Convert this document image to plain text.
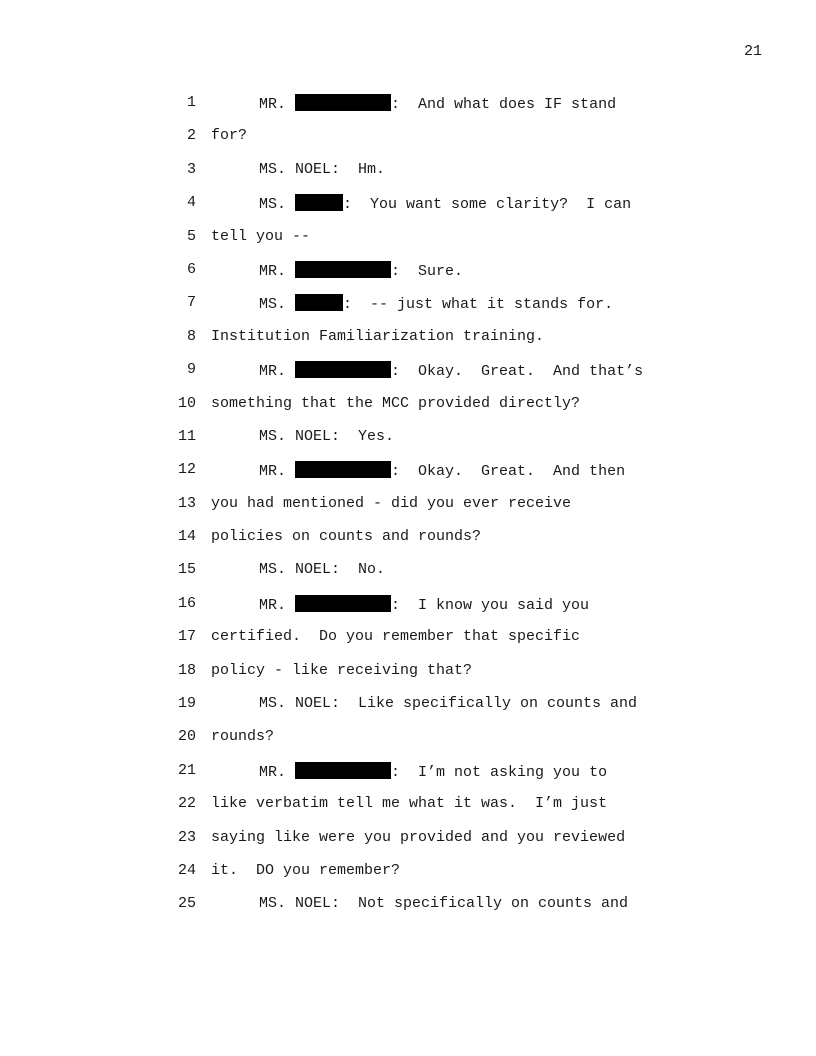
21
1	MR.	:  And what does IF stand
2 for?
3	MS. NOEL:  Hm.
4	MS.	:  You want some clarity?  I can
5 tell you --
6	MR.	:  Sure.
7	MS.	:  -- just what it stands for.
8 Institution Familiarization training.
9	MR.	:  Okay.  Great.  And that’s
10 something that the MCC provided directly?
11	MS. NOEL:  Yes.
12	MR.	:  Okay.  Great.  And then
13 you had mentioned - did you ever receive
14 policies on counts and rounds?
15	MS. NOEL:  No.
16	MR.	:  I know you said you
17 certified.  Do you remember that specific
18 policy - like receiving that?
19	MS. NOEL:  Like specifically on counts and
20 rounds?
21	MR.	:  I’m not asking you to
22 like verbatim tell me what it was.  I’m just
23 saying like were you provided and you reviewed
24 it.  DO you remember?
25	MS. NOEL:  Not specifically on counts and
